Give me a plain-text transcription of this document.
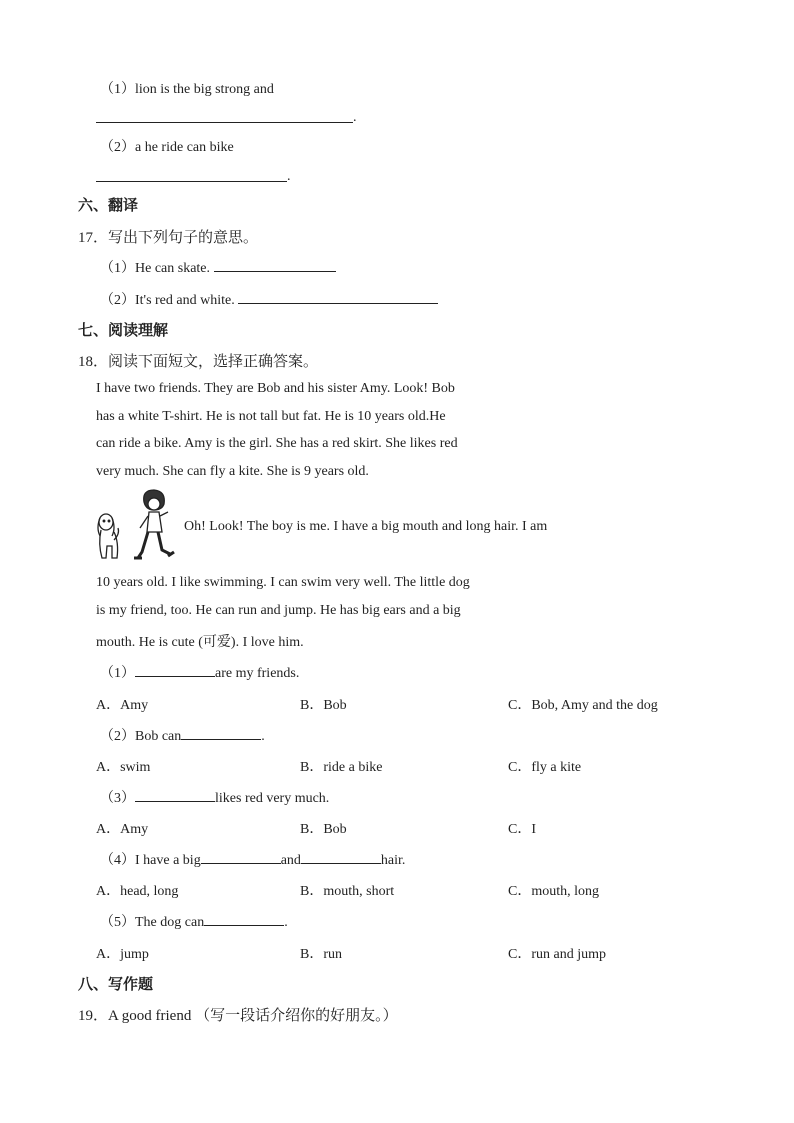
（1）lion is the big strong and
.
（2）a he ride can bike
.
六、翻译
17．写出下列句子的意思。
（1）He can skate.
（2）It's red and white.
七、阅读理解
18．阅读下面短文，选择正确答案。
I have two friends. They are Bob and his sister Amy. Look! Bob
has a white T-shirt. He is not tall but fat. He is 10 years old.He
can ride a bike. Amy is the girl. She has a red skirt. She likes red
very much. She can fly a kite. She is 9 years old.
Oh! Look! The boy is me. I have a big mouth and long hair. I am
10 years old. I like swimming. I can swim very well. The little dog
is my friend, too. He can run and jump. He has big ears and a big
mouth. He is cute (可爱). I love him.
（1）	are my friends.
A．Amy	B．Bob	C．Bob, Amy and the dog
（2）Bob can	.
A．swim	B．ride a bike	C．fly a kite
（3）	likes red very much.
A．Amy	B．Bob	C．I
（4）I have a big	and	hair.
A．head, long	B．mouth, short	C．mouth, long
（5）The dog can	.
A．jump	B．run	C．run and jump
八、写作题
19．A good friend （写一段话介绍你的好朋友。）
